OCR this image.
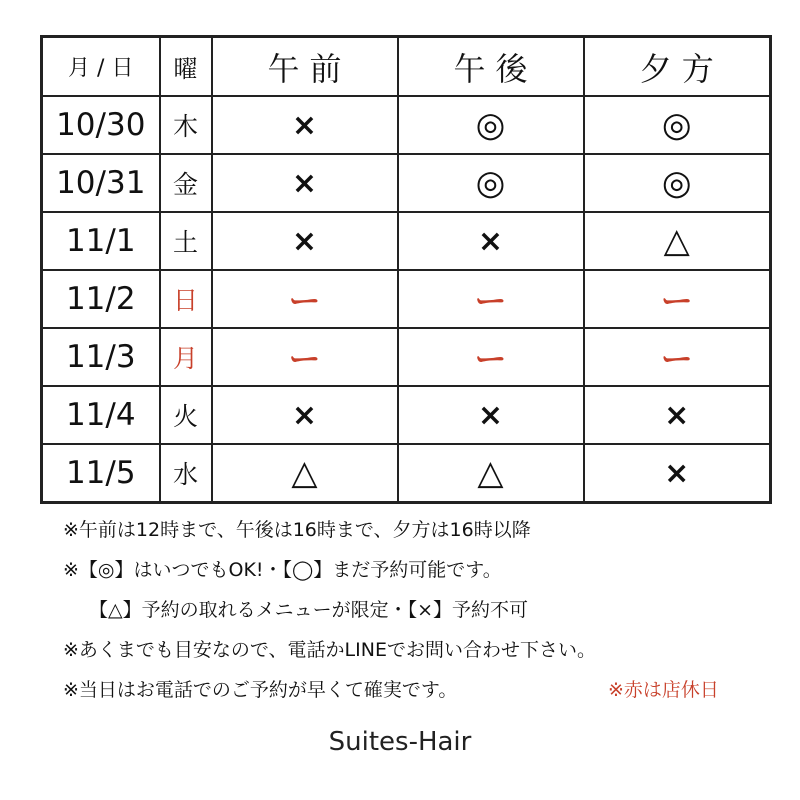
月 / 日	曜	午前	午後	夕方
10/30	木	×	◎	◎
10/31	金	×	◎	◎
11/1	土	×	×	△
11/2	日	ー	ー	ー
11/3	月	ー	ー	ー
11/4	火	×	×	×
11/5	水	△	△	×
※午前は12時まで、午後は16時まで、夕方は16時以降
※【◎】はいつでもOK!・【◯】まだ予約可能です。
【△】予約の取れるメニューが限定・【×】予約不可
※あくまでも目安なので、電話かLINEでお問い合わせ下さい。
※当日はお電話でのご予約が早くて確実です。	※赤は店休日
Suites-Hair
